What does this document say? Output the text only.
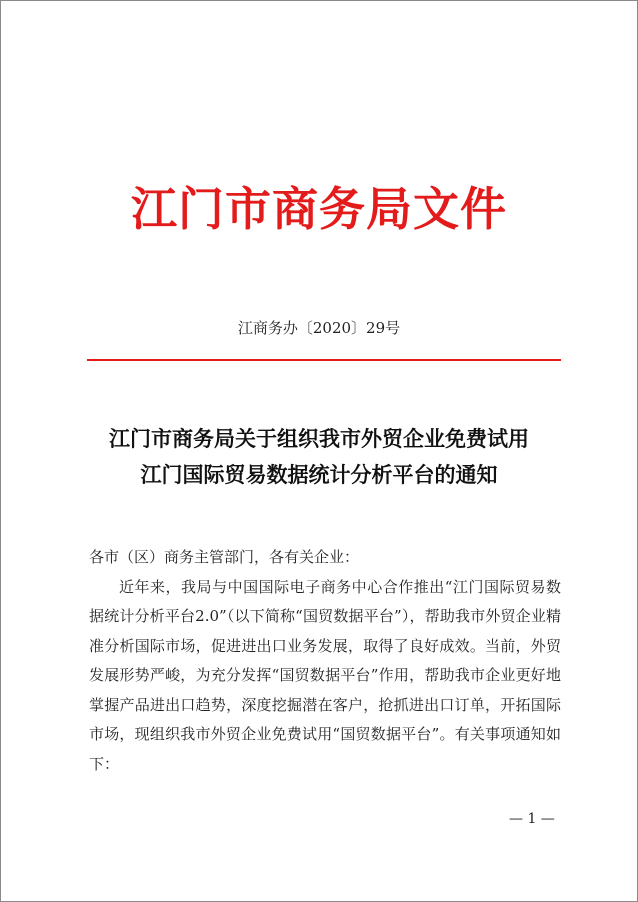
江门市商务局文件
江商务办〔2020〕29号
江门市商务局关于组织我市外贸企业免费试用
江门国际贸易数据统计分析平台的通知
各市（区）商务主管部门，各有关企业：
近年来，我局与中国国际电子商务中心合作推出“江门国际贸易数据统计分析平台2.0”（以下简称“国贸数据平台”），帮助我市外贸企业精准分析国际市场，促进进出口业务发展，取得了良好成效。当前，外贸发展形势严峻，为充分发挥“国贸数据平台”作用，帮助我市企业更好地掌握产品进出口趋势，深度挖掘潜在客户，抢抓进出口订单，开拓国际市场，现组织我市外贸企业免费试用“国贸数据平台”。有关事项通知如下：
— 1 —
